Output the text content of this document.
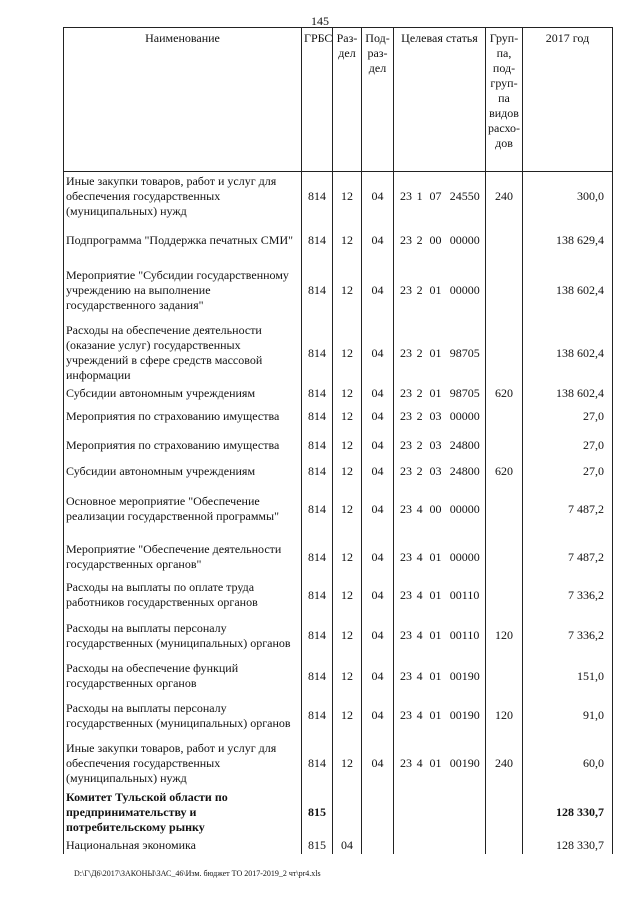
145
Наименование	ГРБС	Раз-дел	Под-раз-дел	Целевая статья	Груп-па, под-груп-па видов расхо-дов	2017 год
Иные закупки товаров, работ и услуг для обеспечения государственных (муниципальных) нужд	814	12	04	23 1 07 24550	240	300,0
Подпрограмма "Поддержка печатных СМИ"	814	12	04	23 2 00 00000		138 629,4
Мероприятие "Субсидии государственному учреждению на выполнение государственного задания"	814	12	04	23 2 01 00000		138 602,4
Расходы на обеспечение деятельности (оказание услуг) государственных учреждений в сфере средств массовой информации	814	12	04	23 2 01 98705		138 602,4
Субсидии автономным учреждениям	814	12	04	23 2 01 98705	620	138 602,4
Мероприятия по страхованию имущества	814	12	04	23 2 03 00000		27,0
Мероприятия по страхованию имущества	814	12	04	23 2 03 24800		27,0
Субсидии автономным учреждениям	814	12	04	23 2 03 24800	620	27,0
Основное мероприятие "Обеспечение реализации государственной программы"	814	12	04	23 4 00 00000		7 487,2
Мероприятие "Обеспечение деятельности государственных органов"	814	12	04	23 4 01 00000		7 487,2
Расходы на выплаты по оплате труда работников государственных органов	814	12	04	23 4 01 00110		7 336,2
Расходы на выплаты персоналу государственных (муниципальных) органов	814	12	04	23 4 01 00110	120	7 336,2
Расходы на обеспечение функций государственных органов	814	12	04	23 4 01 00190		151,0
Расходы на выплаты персоналу государственных (муниципальных) органов	814	12	04	23 4 01 00190	120	91,0
Иные закупки товаров, работ и услуг для обеспечения государственных (муниципальных) нужд	814	12	04	23 4 01 00190	240	60,0
Комитет Тульской области по предпринимательству и потребительскому рынку	815					128 330,7
Национальная экономика	815	04				128 330,7
D:\Г\Д6\2017\ЗАКОНЫ\ЗАС_46\Изм. бюджет ТО 2017-2019_2 чт\pr4.xls
